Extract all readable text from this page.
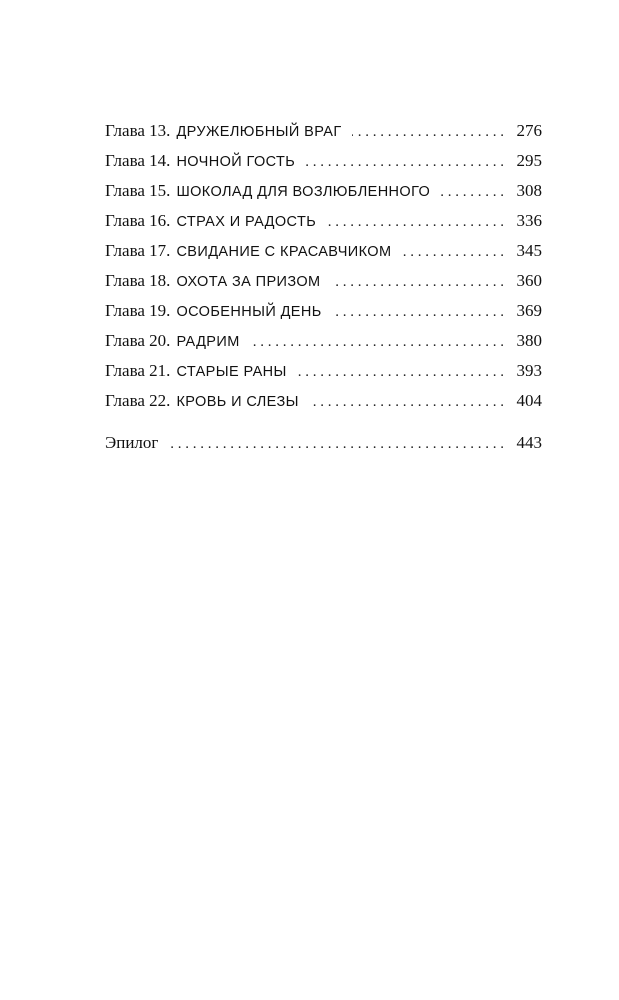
Глава 13. ДРУЖЕЛЮБНЫЙ ВРАГ . . .	276
Глава 14. НОЧНОЙ ГОСТЬ . . .	295
Глава 15. ШОКОЛАД ДЛЯ ВОЗЛЮБЛЕННОГО . . .	308
Глава 16. СТРАХ И РАДОСТЬ . . .	336
Глава 17. СВИДАНИЕ С КРАСАВЧИКОМ . . .	345
Глава 18. ОХОТА ЗА ПРИЗОМ . . .	360
Глава 19. ОСОБЕННЫЙ ДЕНЬ . . .	369
Глава 20. РАДРИМ . . .	380
Глава 21. СТАРЫЕ РАНЫ . . .	393
Глава 22. КРОВЬ И СЛЕЗЫ . . .	404
Эпилог . . .	443
